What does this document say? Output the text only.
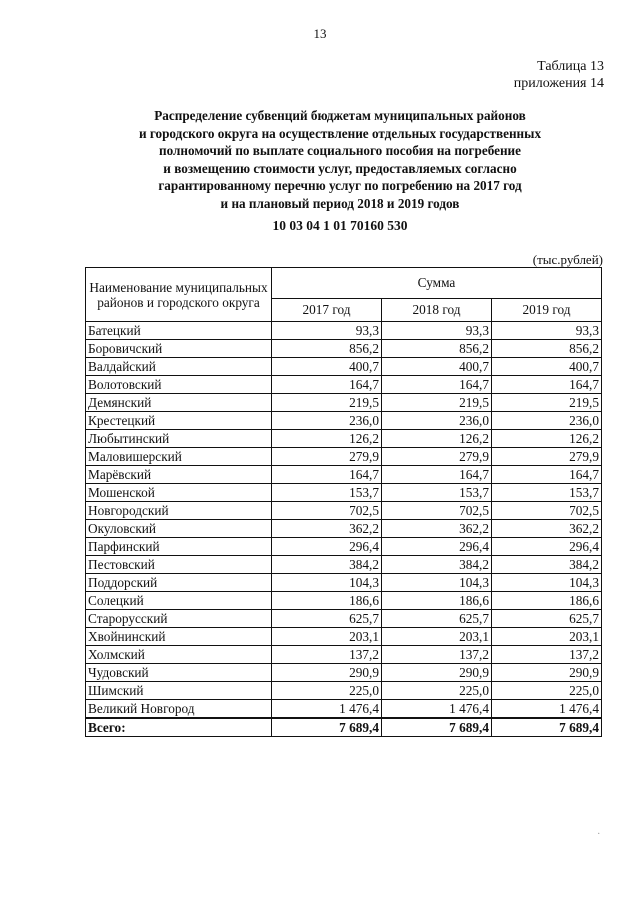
13
Таблица 13
приложения 14
Распределение субвенций бюджетам муниципальных районов
и городского округа на осуществление отдельных государственных
полномочий по выплате социального пособия на погребение
и возмещению стоимости услуг, предоставляемых согласно
гарантированному перечню услуг по погребению на 2017 год
и на плановый период 2018 и 2019 годов
10 03 04 1 01 70160 530
(тыс.рублей)
Наименование муниципальных районов и городского округа	Сумма		
	2017 год	2018 год	2019 год
Батецкий	93,3	93,3	93,3
Боровичский	856,2	856,2	856,2
Валдайский	400,7	400,7	400,7
Волотовский	164,7	164,7	164,7
Демянский	219,5	219,5	219,5
Крестецкий	236,0	236,0	236,0
Любытинский	126,2	126,2	126,2
Маловишерский	279,9	279,9	279,9
Марёвский	164,7	164,7	164,7
Мошенской	153,7	153,7	153,7
Новгородский	702,5	702,5	702,5
Окуловский	362,2	362,2	362,2
Парфинский	296,4	296,4	296,4
Пестовский	384,2	384,2	384,2
Поддорский	104,3	104,3	104,3
Солецкий	186,6	186,6	186,6
Старорусский	625,7	625,7	625,7
Хвойнинский	203,1	203,1	203,1
Холмский	137,2	137,2	137,2
Чудовский	290,9	290,9	290,9
Шимский	225,0	225,0	225,0
Великий Новгород	1 476,4	1 476,4	1 476,4
Всего:	7 689,4	7 689,4	7 689,4
.
